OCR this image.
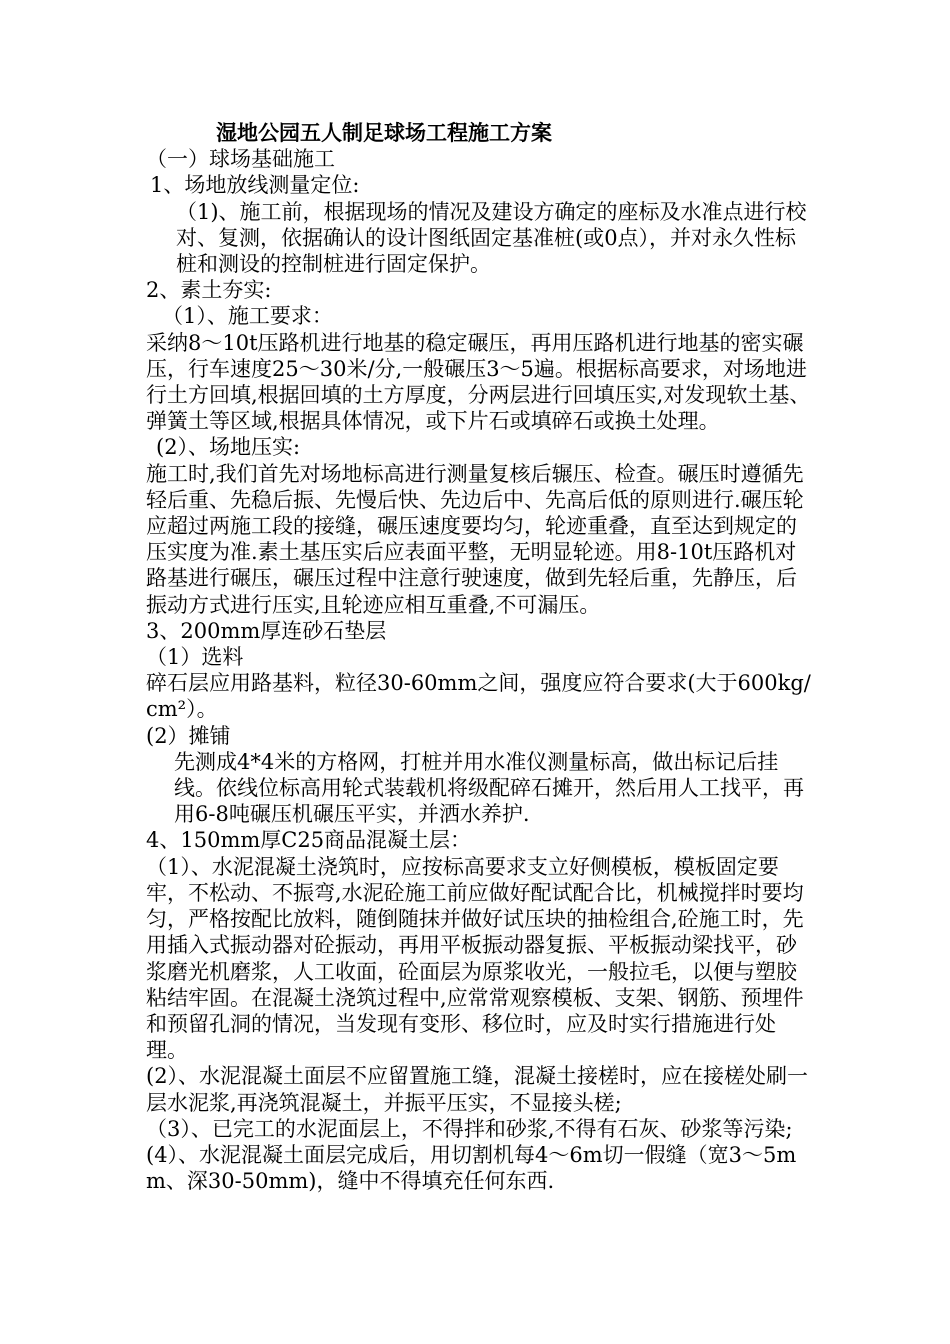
湿地公园五人制足球场工程施工方案

（一）球场基础施工

1、场地放线测量定位:

（1)、施工前，根据现场的情况及建设方确定的座标及水准点进行校对、复测，依据确认的设计图纸固定基准桩(或0点），并对永久性标桩和测设的控制桩进行固定保护。

2、素土夯实:

（1）、施工要求：

采纳8～10t压路机进行地基的稳定碾压，再用压路机进行地基的密实碾压，行车速度25～30米/分,一般碾压3～5遍。根据标高要求，对场地进行土方回填,根据回填的土方厚度，分两层进行回填压实,对发现软土基、弹簧土等区域,根据具体情况，或下片石或填碎石或换土处理。

(2）、场地压实:

施工时,我们首先对场地标高进行测量复核后辗压、检查。碾压时遵循先轻后重、先稳后振、先慢后快、先边后中、先高后低的原则进行.碾压轮应超过两施工段的接缝，碾压速度要均匀，轮迹重叠，直至达到规定的压实度为准.素土基压实后应表面平整，无明显轮迹。用8-10t压路机对路基进行碾压，碾压过程中注意行驶速度，做到先轻后重，先静压，后振动方式进行压实,且轮迹应相互重叠,不可漏压。

3、200mm厚连砂石垫层

（1）选料

碎石层应用路基料，粒径30-60mm之间，强度应符合要求(大于600kg/cm²）。

(2）摊铺

先测成4*4米的方格网，打桩并用水准仪测量标高，做出标记后挂线。依线位标高用轮式装载机将级配碎石摊开，然后用人工找平，再用6-8吨碾压机碾压平实，并洒水养护.

4、150mm厚C25商品混凝土层：

（1）、水泥混凝土浇筑时，应按标高要求支立好侧模板，模板固定要牢，不松动、不振弯,水泥砼施工前应做好配试配合比，机械搅拌时要均匀，严格按配比放料，随倒随抹并做好试压块的抽检组合,砼施工时，先用插入式振动器对砼振动，再用平板振动器复振、平板振动梁找平，砂浆磨光机磨浆，人工收面，砼面层为原浆收光，一般拉毛，以便与塑胶粘结牢固。在混凝土浇筑过程中,应常常观察模板、支架、钢筋、预埋件和预留孔洞的情况，当发现有变形、移位时，应及时实行措施进行处理。

(2）、水泥混凝土面层不应留置施工缝，混凝土接槎时，应在接槎处刷一层水泥浆,再浇筑混凝土，并振平压实，不显接头槎;

（3）、已完工的水泥面层上，不得拌和砂浆,不得有石灰、砂浆等污染;

(4）、水泥混凝土面层完成后，用切割机每4～6m切一假缝（宽3～5mm、深30-50mm)，缝中不得填充任何东西.
